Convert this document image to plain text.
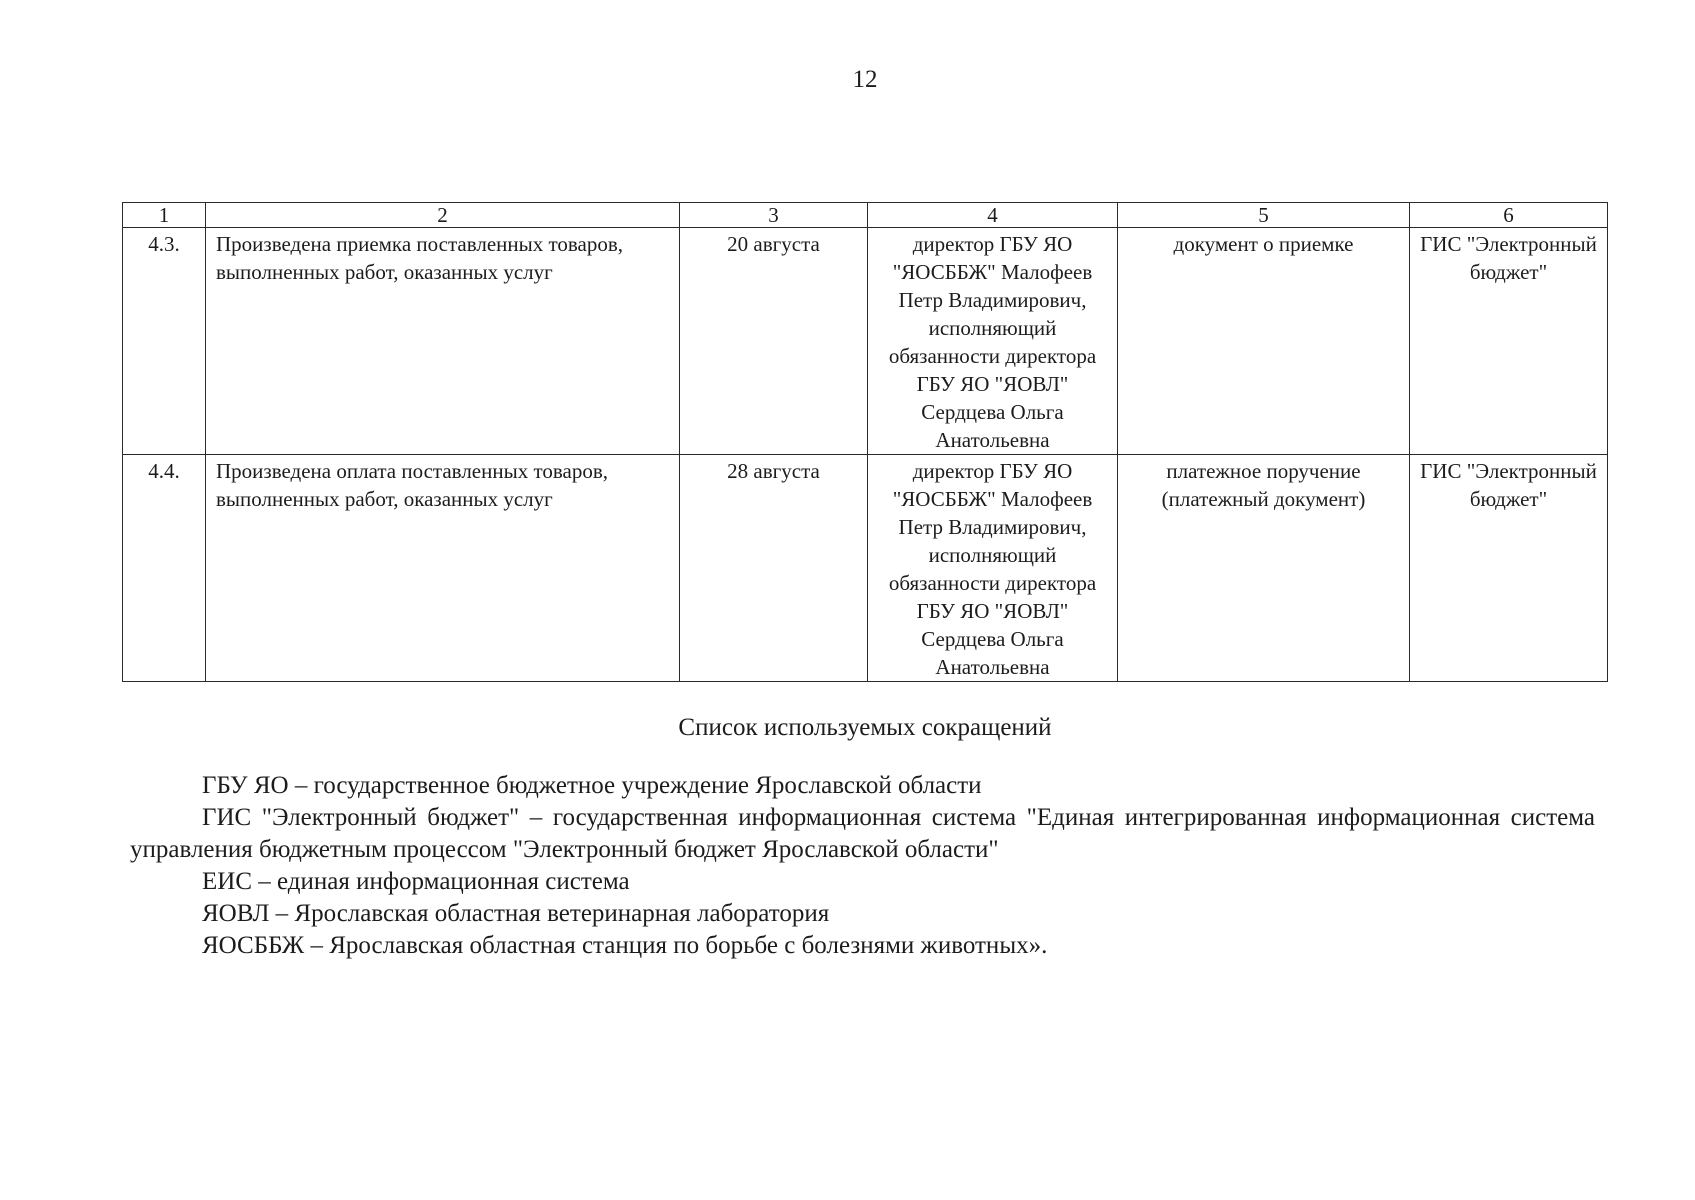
12
1	2	3	4	5	6
4.3.	Произведена приемка поставленных товаров, выполненных работ, оказанных услуг	20 августа	директор ГБУ ЯО "ЯОСББЖ" Малофеев Петр Владимирович, исполняющий обязанности директора ГБУ ЯО "ЯОВЛ" Сердцева Ольга Анатольевна	документ о приемке	ГИС "Электронный бюджет"
4.4.	Произведена оплата поставленных товаров, выполненных работ, оказанных услуг	28 августа	директор ГБУ ЯО "ЯОСББЖ" Малофеев Петр Владимирович, исполняющий обязанности директора ГБУ ЯО "ЯОВЛ" Сердцева Ольга Анатольевна	платежное поручение (платежный документ)	ГИС "Электронный бюджет"
Список используемых сокращений

ГБУ ЯО – государственное бюджетное учреждение Ярославской области

ГИС "Электронный бюджет" – государственная информационная система "Единая интегрированная информационная система управления бюджетным процессом "Электронный бюджет Ярославской области"

ЕИС – единая информационная система

ЯОВЛ – Ярославская областная ветеринарная лаборатория

ЯОСББЖ – Ярославская областная станция по борьбе с болезнями животных».
